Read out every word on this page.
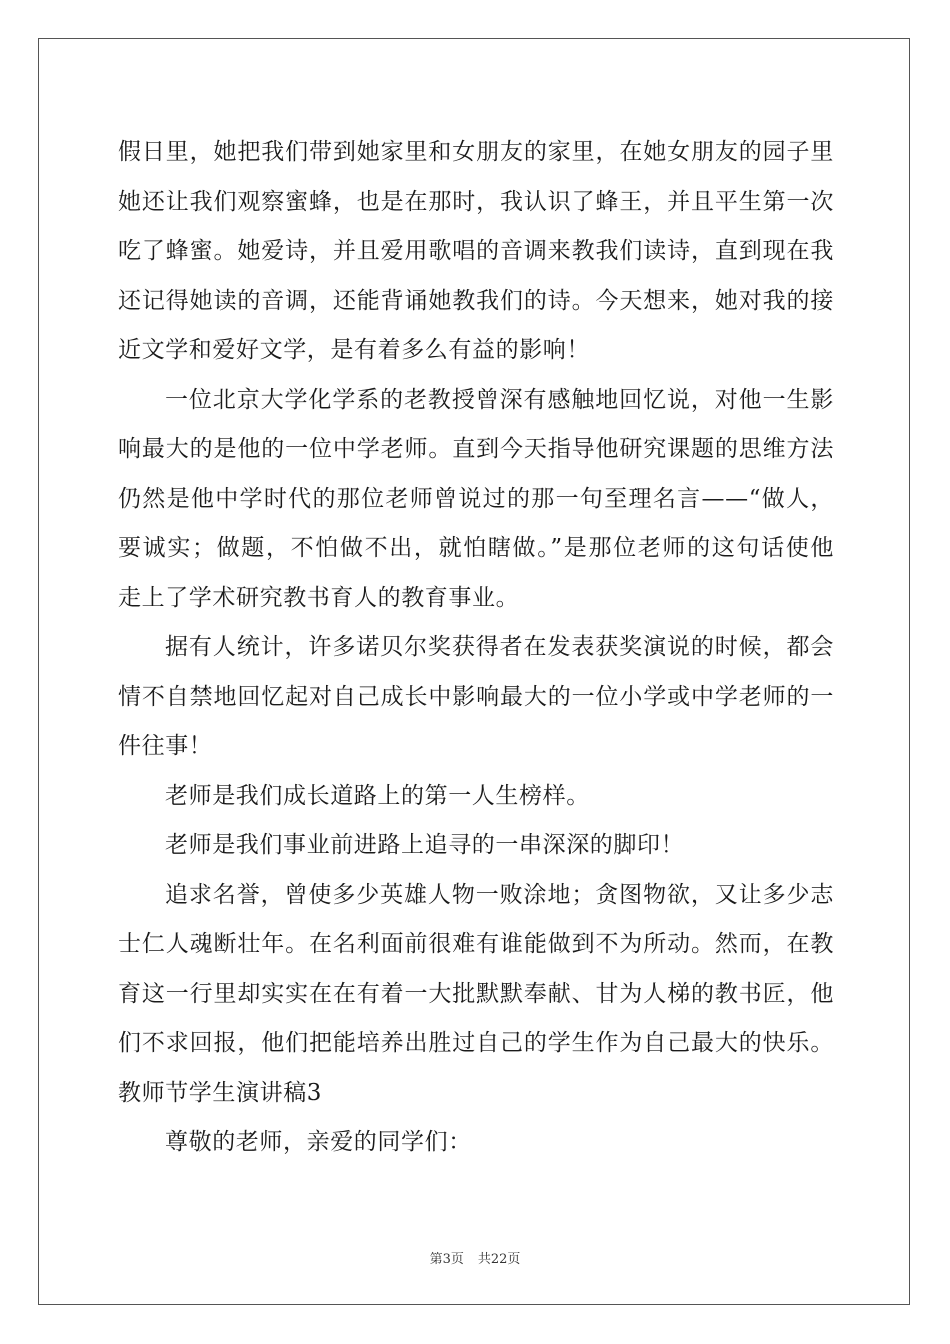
假日里，她把我们带到她家里和女朋友的家里，在她女朋友的园子里
她还让我们观察蜜蜂，也是在那时，我认识了蜂王，并且平生第一次
吃了蜂蜜。她爱诗，并且爱用歌唱的音调来教我们读诗，直到现在我
还记得她读的音调，还能背诵她教我们的诗。今天想来，她对我的接
近文学和爱好文学，是有着多么有益的影响！
一位北京大学化学系的老教授曾深有感触地回忆说，对他一生影
响最大的是他的一位中学老师。直到今天指导他研究课题的思维方法
仍然是他中学时代的那位老师曾说过的那一句至理名言——“做人，
要诚实；做题，不怕做不出，就怕瞎做。”是那位老师的这句话使他
走上了学术研究教书育人的教育事业。
据有人统计，许多诺贝尔奖获得者在发表获奖演说的时候，都会
情不自禁地回忆起对自己成长中影响最大的一位小学或中学老师的一
件往事！
老师是我们成长道路上的第一人生榜样。
老师是我们事业前进路上追寻的一串深深的脚印！
追求名誉，曾使多少英雄人物一败涂地；贪图物欲，又让多少志
士仁人魂断壮年。在名利面前很难有谁能做到不为所动。然而，在教
育这一行里却实实在在有着一大批默默奉献、甘为人梯的教书匠，他
们不求回报，他们把能培养出胜过自己的学生作为自己最大的快乐。
教师节学生演讲稿3
尊敬的老师，亲爱的同学们：
第3页 共22页
